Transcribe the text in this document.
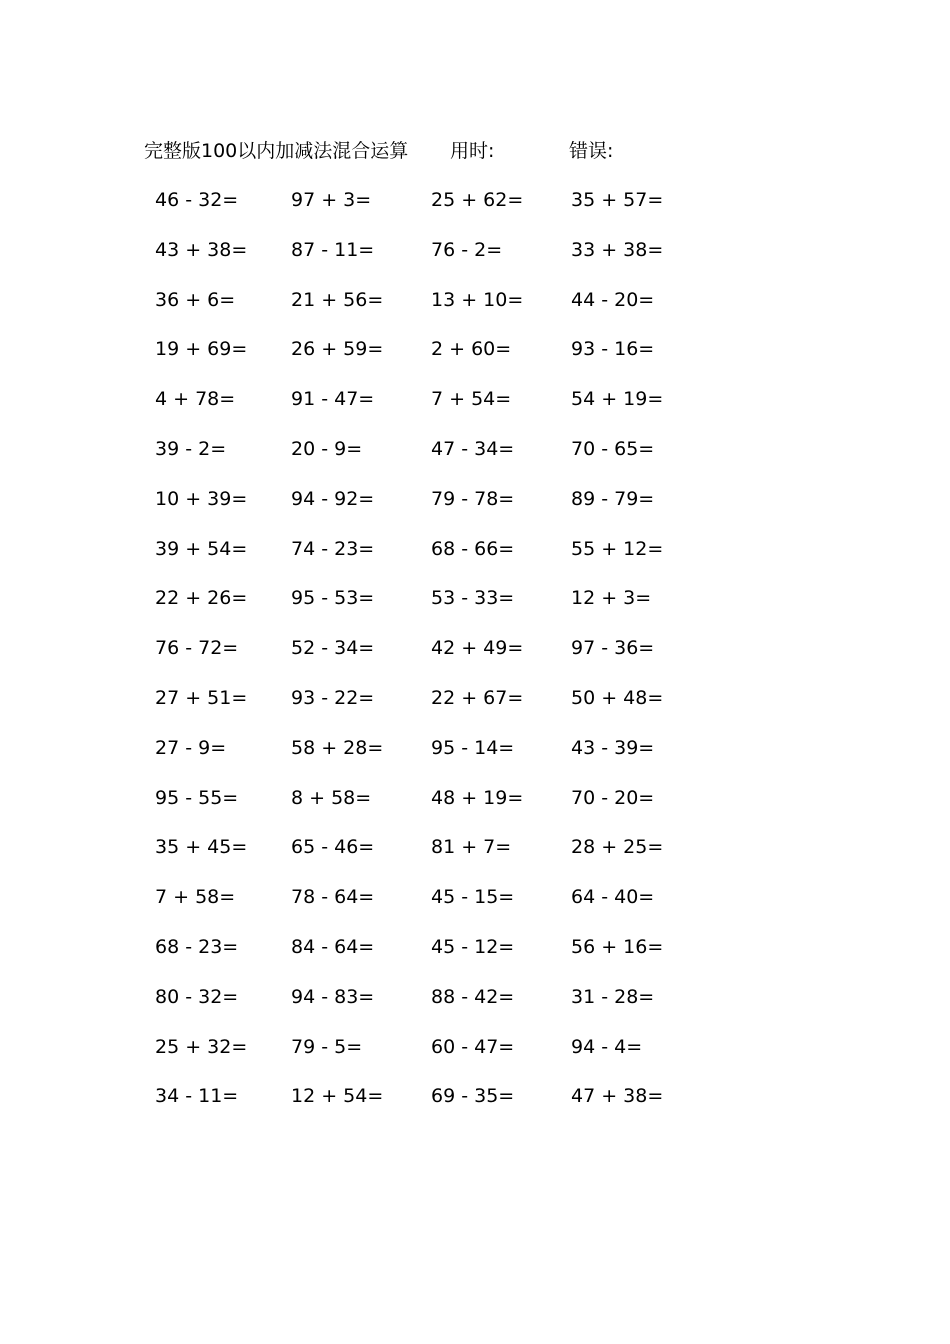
完整版100以内加减法混合运算 用时:	错误:
46 - 32=	97 + 3=	25 + 62=	35 + 57=
43 + 38= 87 - 11=	76 - 2=	33 + 38=
36 + 6=	21 + 56=	13 + 10=	44 - 20=
19 + 69= 26 + 59=	2 + 60=	93 - 16=
4 + 78=	91 - 47=	7 + 54=	54 + 19=
39 - 2=	20 - 9=	47 - 34=	70 - 65=
10 + 39= 94 - 92=	79 - 78=	89 - 79=
39 + 54= 74 - 23=	68 - 66=	55 + 12=
22 + 26= 95 - 53=	53 - 33=	12 + 3=
76 - 72=	52 - 34=	42 + 49=	97 - 36=
27 + 51= 93 - 22=	22 + 67=	50 + 48=
27 - 9=	58 + 28=	95 - 14=	43 - 39=
95 - 55=	8 + 58=	48 + 19=	70 - 20=
35 + 45= 65 - 46=	81 + 7=	28 + 25=
7 + 58=	78 - 64=	45 - 15=	64 - 40=
68 - 23=	84 - 64=	45 - 12=	56 + 16=
80 - 32=	94 - 83=	88 - 42=	31 - 28=
25 + 32= 79 - 5=	60 - 47=	94 - 4=
34 - 11=	12 + 54=	69 - 35=	47 + 38=
